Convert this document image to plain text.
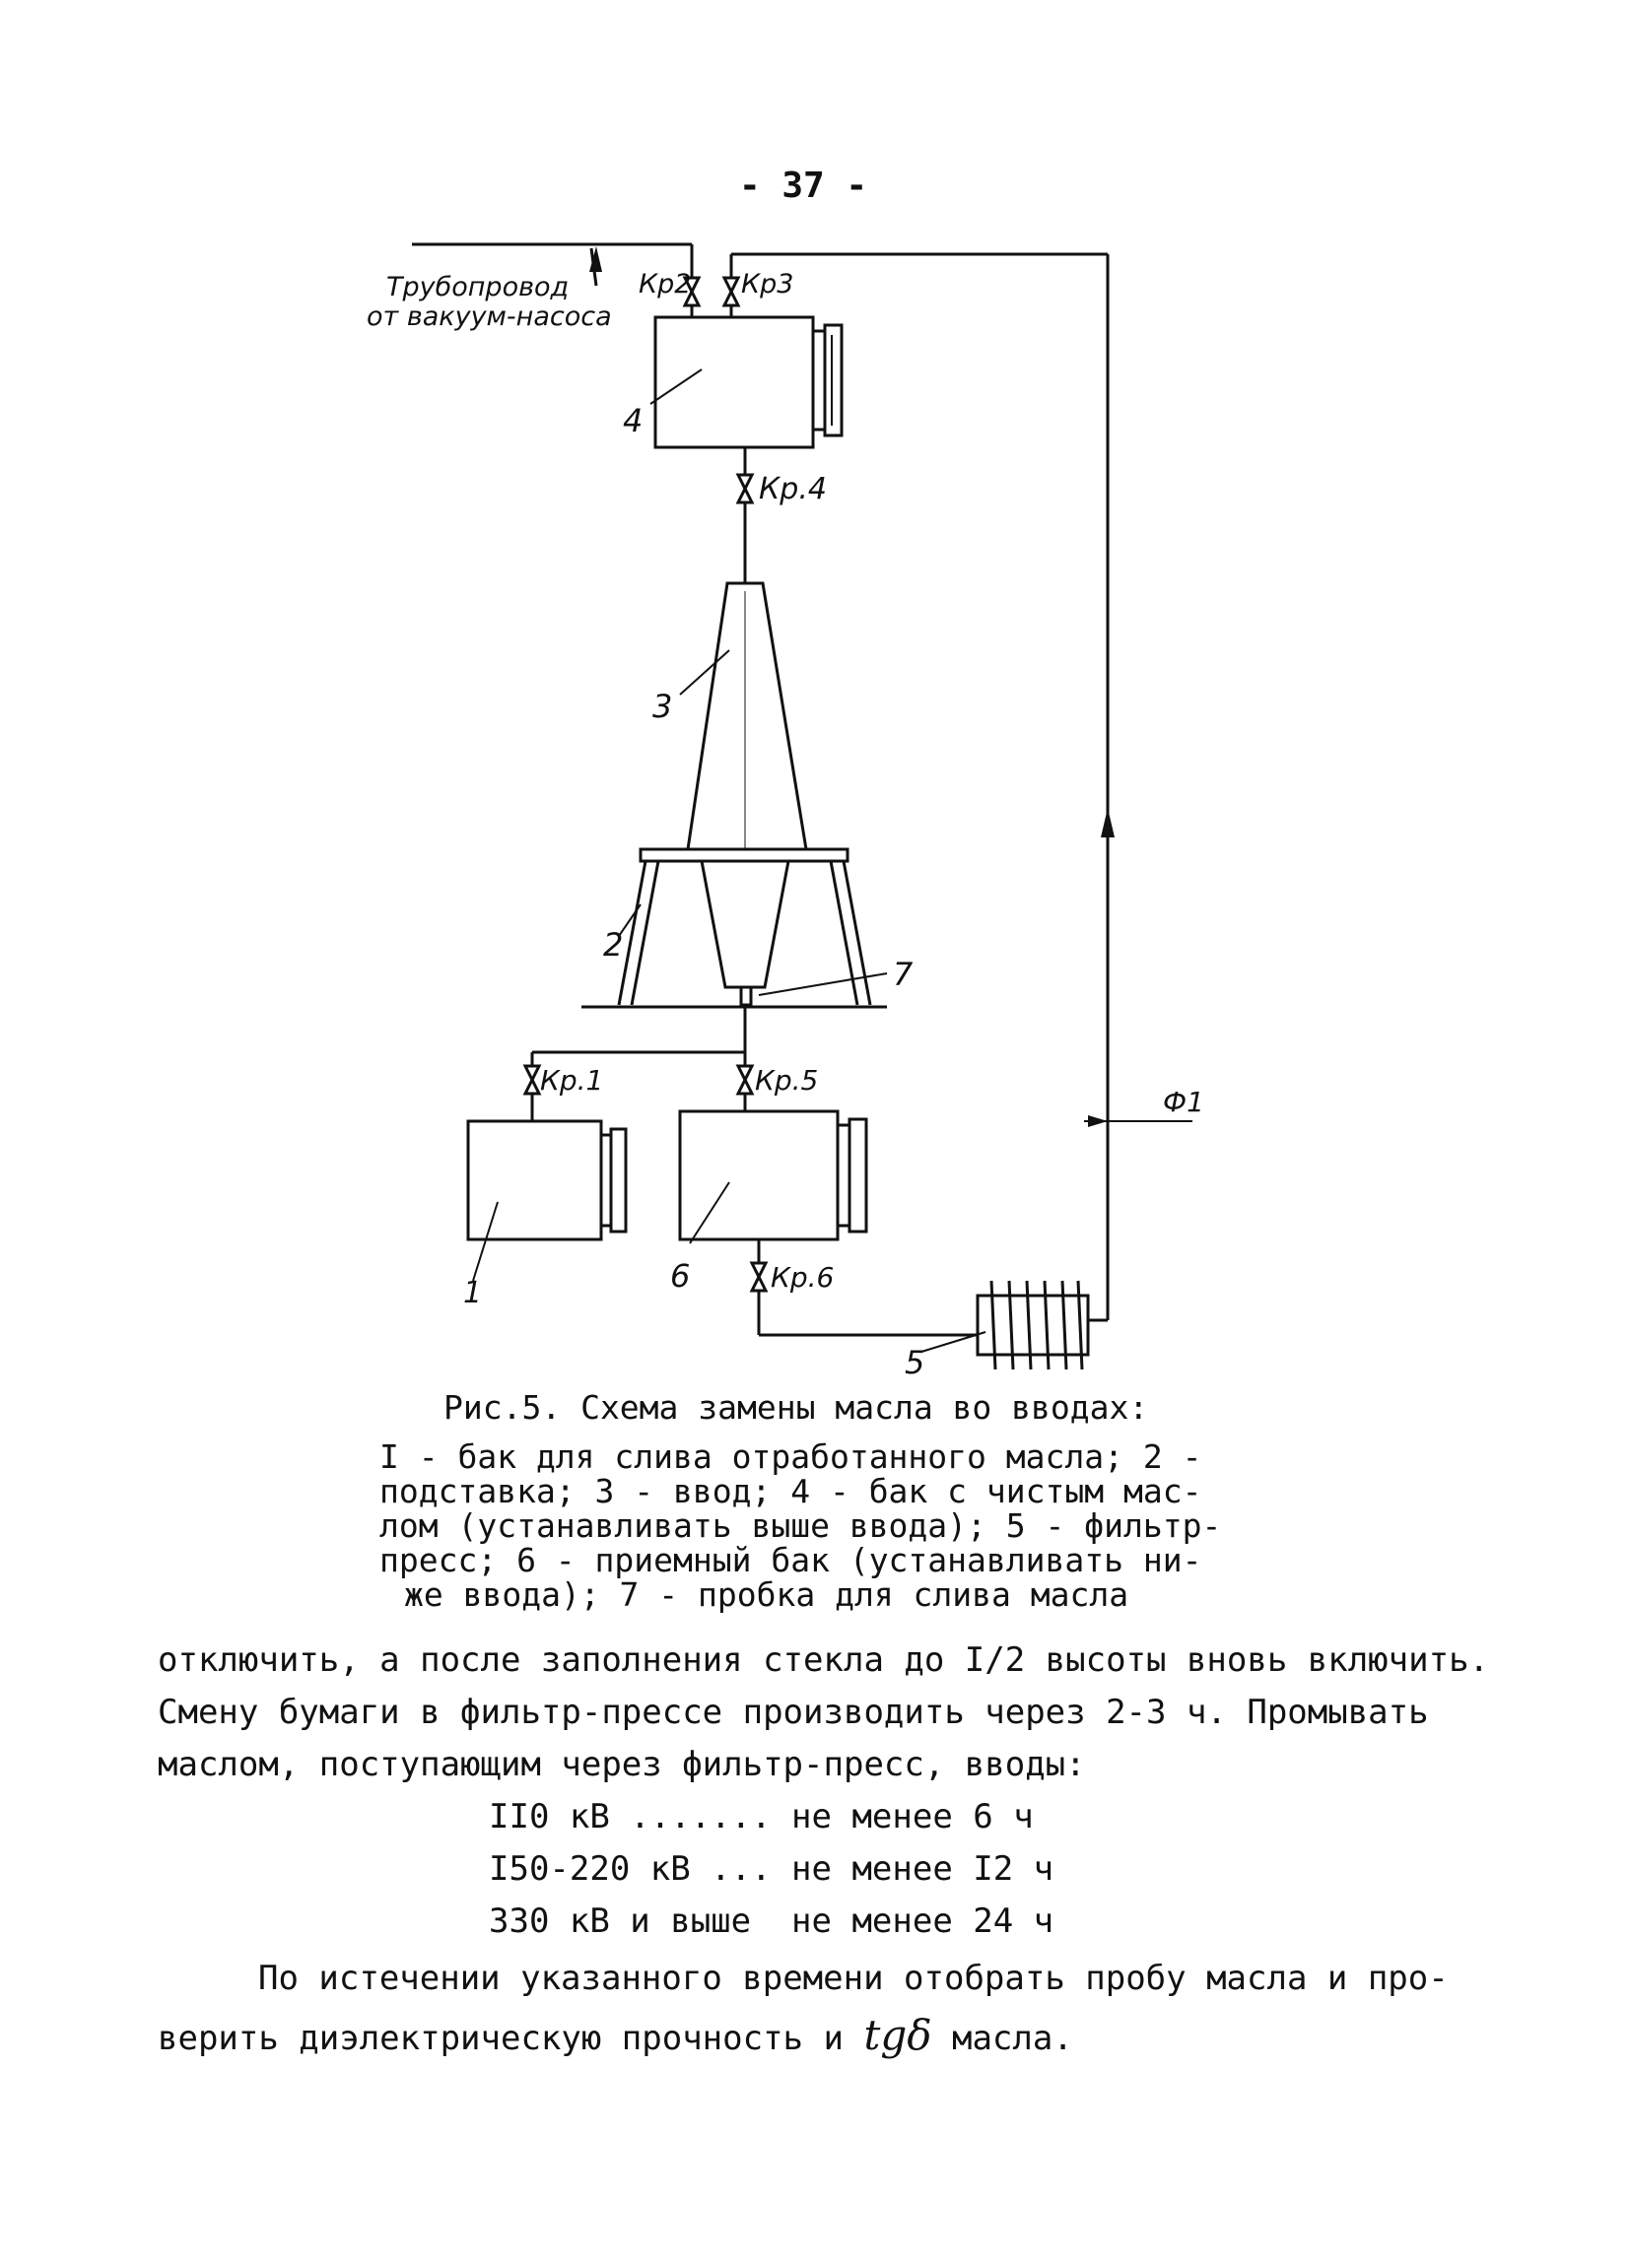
- 37 -
Трубопровод
от вакуум-насоса
Кр2 Кр3
Кр.4
Кр.1	Кр.5
Кр.6
Ф1
1
2
3
4
5
6
7
Рис.5. Схема замены масла во вводах:
I - бак для слива отработанного масла; 2 -
подставка; 3 - ввод; 4 - бак с чистым мас-
лом (устанавливать выше ввода); 5 - фильтр-
пресс; 6 - приемный бак (устанавливать ни-
же ввода); 7 - пробка для слива масла
отключить, а после заполнения стекла до I/2 высоты вновь включить.
Смену бумаги в фильтр-прессе производить через 2-3 ч. Промывать
маслом, поступающим через фильтр-пресс, вводы:
II0 кВ ....... не менее 6 ч
I50-220 кВ ... не менее I2 ч
330 кВ и выше  не менее 24 ч
По истечении указанного времени отобрать пробу масла и про-
верить диэлектрическую прочность и tgδ масла.
